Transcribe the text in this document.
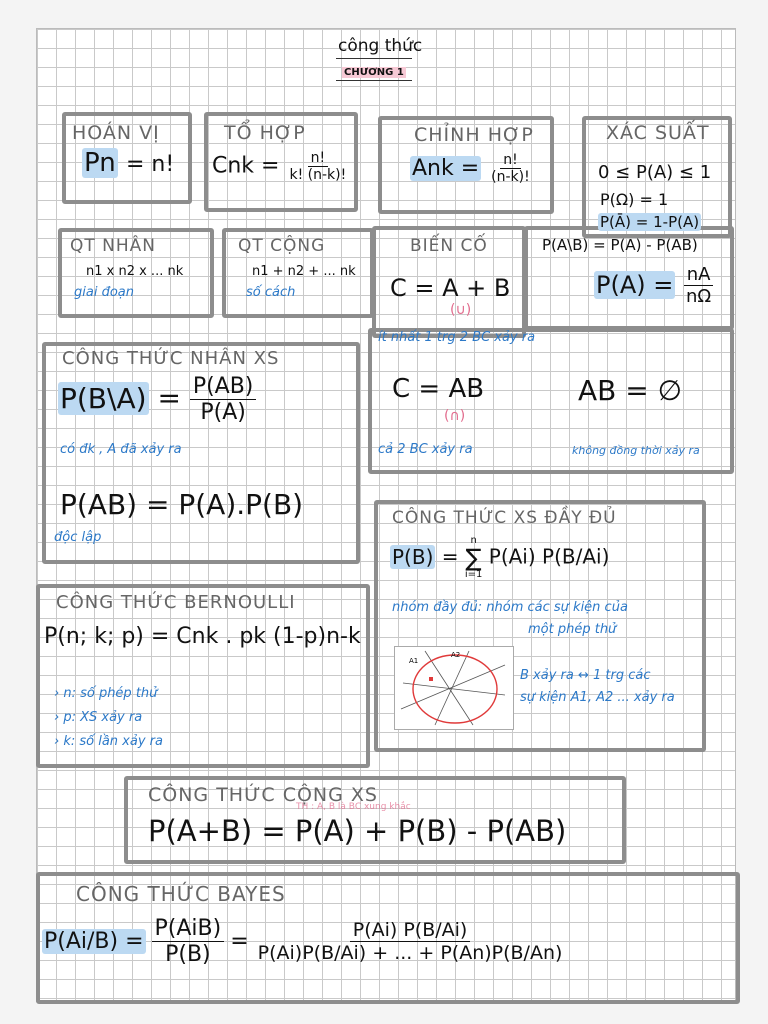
công thức
CHƯƠNG 1
HOÁN VỊ
Pn = n!
TỔ HỢP
Cnk = $\frac{n!}{k! (n-k)!}$
CHỈNH HỢP
Ank = $\frac{n!}{(n-k)!}$
XÁC SUẤT
0 ≤ P(A) ≤ 1
P(Ω) = 1
P(Ā) = 1-P(A)
P(A\B) = P(A) - P(AB)
$P(A) = \frac{nA}{n\Omega}$
QT NHÂN
n1 x n2 x ... nk
giai đoạn
QT CỘNG
n1 + n2 + ... nk
số cách
BIẾN CỐ
C = A + B
(∪)
ít nhất 1 trg 2 BC xảy ra
C = AB
(∩)
cả 2 BC xảy ra
AB = ∅
không đồng thời xảy ra
CÔNG THỨC NHÂN XS
P(B\A) = $\frac{P(AB)}{P(A)}$
có đk , A đã xảy ra
P(AB) = P(A).P(B)
độc lập
CÔNG THỨC XS ĐẦY ĐỦ
P(B) =
n
∑
i=1
P(Ai) P(B/Ai)
nhóm đầy đủ: nhóm các sự kiện của
một phép thử
A1
A2
B xảy ra ↔ 1 trg các
sự kiện A1, A2 ... xảy ra
CÔNG THỨC BERNOULLI
P(n; k; p) = Cnk . pk (1-p)n-k
› n: số phép thử
› p: XS xảy ra
› k: số lần xảy ra
CÔNG THỨC CỘNG XS
TH : A, B là BC xung khắc
P(A+B) = P(A) + P(B) - P(AB)
CÔNG THỨC BAYES
$P(Ai/B) = \frac{\text{P(AiB)}}{P(B)} = \frac{P(Ai) P(B/Ai)}{P(Ai)P(B/Ai) + ... + P(An)P(B/An)}$
